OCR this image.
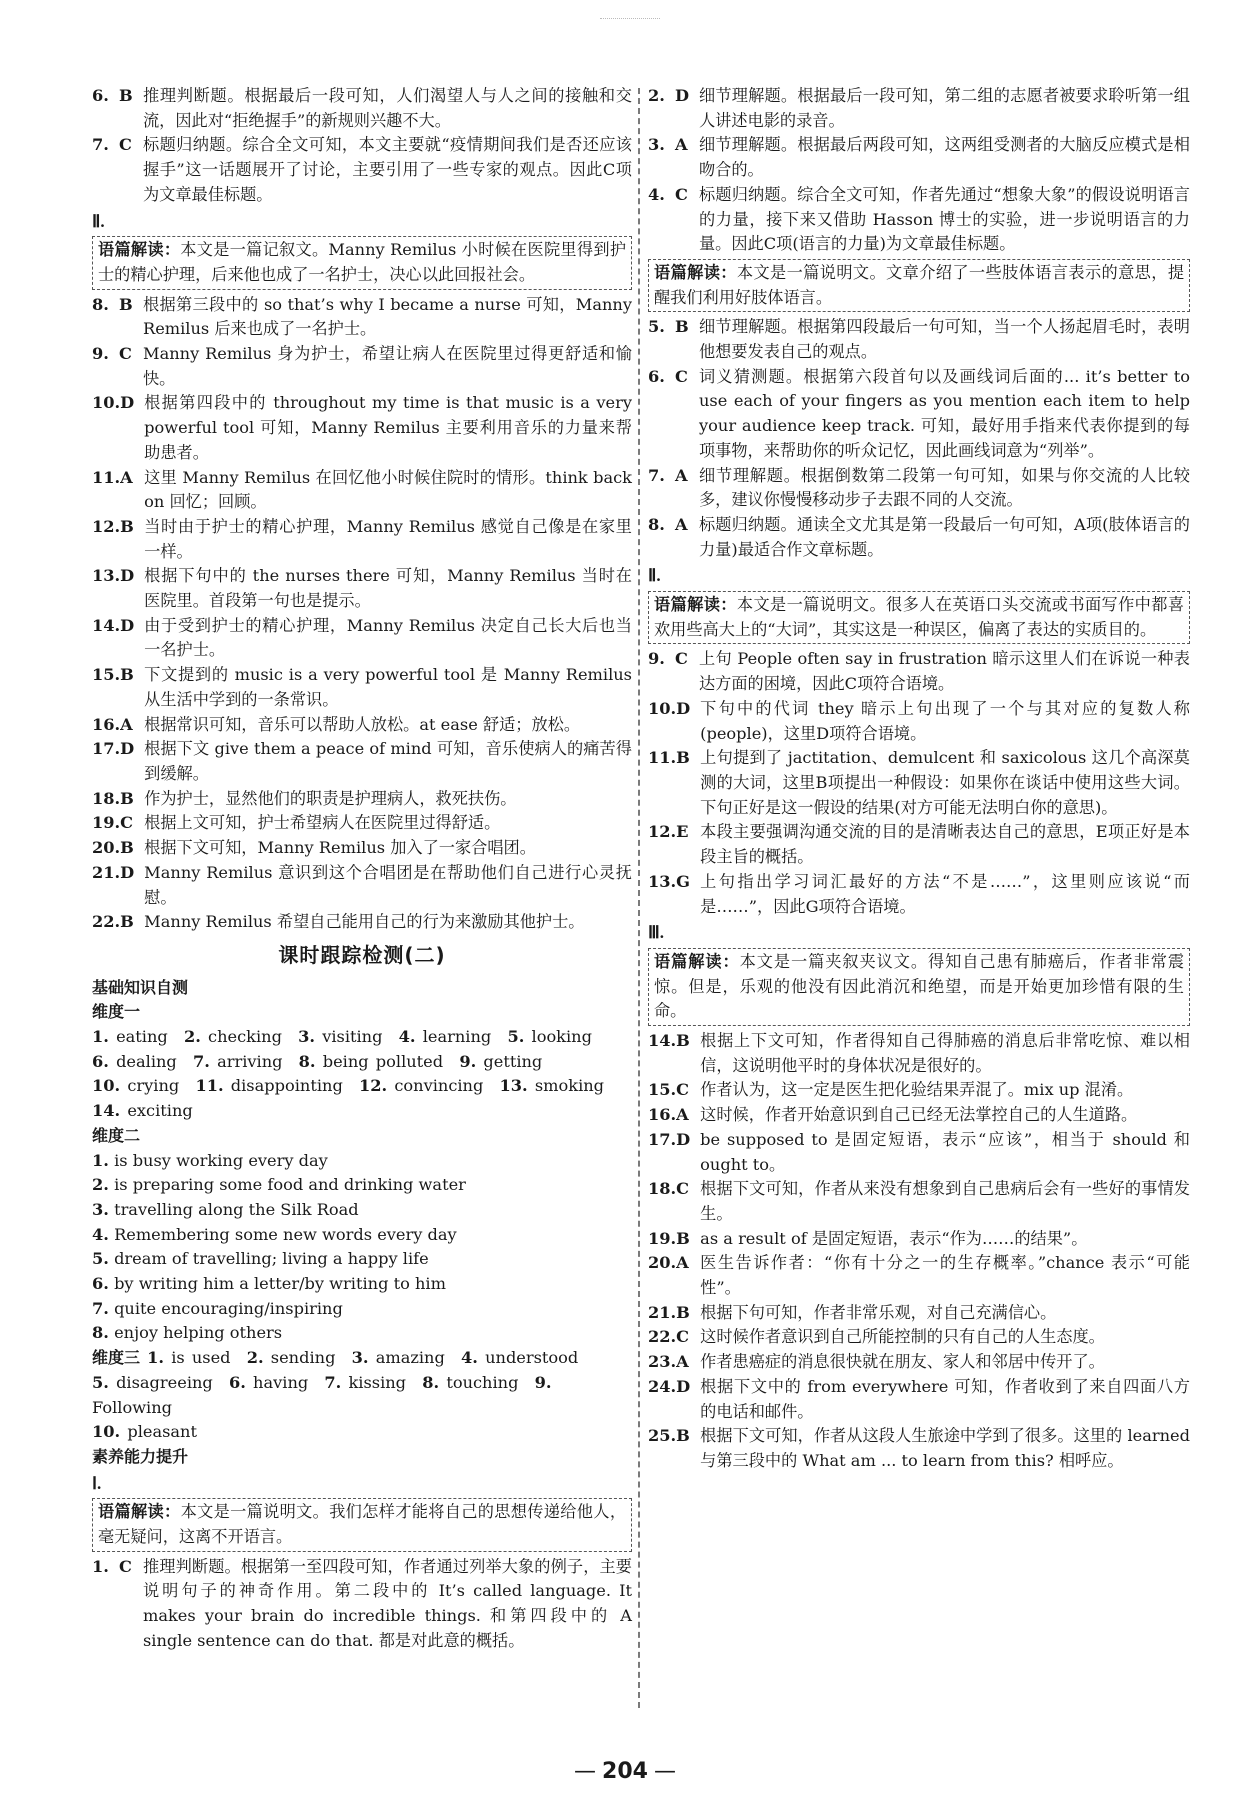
6. B 推理判断题。根据最后一段可知，人们渴望人与人之间的接触和交流，因此对“拒绝握手”的新规则兴趣不大。
7. C 标题归纳题。综合全文可知，本文主要就“疫情期间我们是否还应该握手”这一话题展开了讨论，主要引用了一些专家的观点。因此C项为文章最佳标题。
Ⅱ.
语篇解读：本文是一篇记叙文。Manny Remilus 小时候在医院里得到护士的精心护理，后来他也成了一名护士，决心以此回报社会。
8. B 根据第三段中的 so that’s why I became a nurse 可知，Manny Remilus 后来也成了一名护士。
9. C Manny Remilus 身为护士，希望让病人在医院里过得更舒适和愉快。
10. D 根据第四段中的 throughout my time is that music is a very powerful tool 可知，Manny Remilus 主要利用音乐的力量来帮助患者。
11. A 这里 Manny Remilus 在回忆他小时候住院时的情形。think back on 回忆；回顾。
12. B 当时由于护士的精心护理，Manny Remilus 感觉自己像是在家里一样。
13. D 根据下句中的 the nurses there 可知，Manny Remilus 当时在医院里。首段第一句也是提示。
14. D 由于受到护士的精心护理，Manny Remilus 决定自己长大后也当一名护士。
15. B 下文提到的 music is a very powerful tool 是 Manny Remilus 从生活中学到的一条常识。
16. A 根据常识可知，音乐可以帮助人放松。at ease 舒适；放松。
17. D 根据下文 give them a peace of mind 可知，音乐使病人的痛苦得到缓解。
18. B 作为护士，显然他们的职责是护理病人，救死扶伤。
19. C 根据上文可知，护士希望病人在医院里过得舒适。
20. B 根据下文可知，Manny Remilus 加入了一家合唱团。
21. D Manny Remilus 意识到这个合唱团是在帮助他们自己进行心灵抚慰。
22. B Manny Remilus 希望自己能用自己的行为来激励其他护士。
课时跟踪检测(二)
基础知识自测
维度一
1. eating  2. checking  3. visiting  4. learning  5. looking
6. dealing  7. arriving  8. being polluted  9. getting
10. crying  11. disappointing  12. convincing  13. smoking
14. exciting
维度二
1. is busy working every day
2. is preparing some food and drinking water
3. travelling along the Silk Road
4. Remembering some new words every day
5. dream of travelling; living a happy life
6. by writing him a letter/by writing to him
7. quite encouraging/inspiring
8. enjoy helping others
维度三 1. is used  2. sending  3. amazing  4. understood
5. disagreeing  6. having  7. kissing  8. touching  9. Following
10. pleasant
素养能力提升
Ⅰ.
语篇解读：本文是一篇说明文。我们怎样才能将自己的思想传递给他人，毫无疑问，这离不开语言。
1. C 推理判断题。根据第一至四段可知，作者通过列举大象的例子，主要说明句子的神奇作用。第二段中的 It’s called language. It makes your brain do incredible things. 和第四段中的 A single sentence can do that. 都是对此意的概括。
2. D 细节理解题。根据最后一段可知，第二组的志愿者被要求聆听第一组人讲述电影的录音。
3. A 细节理解题。根据最后两段可知，这两组受测者的大脑反应模式是相吻合的。
4. C 标题归纳题。综合全文可知，作者先通过“想象大象”的假设说明语言的力量，接下来又借助 Hasson 博士的实验，进一步说明语言的力量。因此C项(语言的力量)为文章最佳标题。
语篇解读：本文是一篇说明文。文章介绍了一些肢体语言表示的意思，提醒我们利用好肢体语言。
5. B 细节理解题。根据第四段最后一句可知，当一个人扬起眉毛时，表明他想要发表自己的观点。
6. C 词义猜测题。根据第六段首句以及画线词后面的... it’s better to use each of your fingers as you mention each item to help your audience keep track. 可知，最好用手指来代表你提到的每项事物，来帮助你的听众记忆，因此画线词意为“列举”。
7. A 细节理解题。根据倒数第二段第一句可知，如果与你交流的人比较多，建议你慢慢移动步子去跟不同的人交流。
8. A 标题归纳题。通读全文尤其是第一段最后一句可知，A项(肢体语言的力量)最适合作文章标题。
Ⅱ.
语篇解读：本文是一篇说明文。很多人在英语口头交流或书面写作中都喜欢用些高大上的“大词”，其实这是一种误区，偏离了表达的实质目的。
9. C 上句 People often say in frustration 暗示这里人们在诉说一种表达方面的困境，因此C项符合语境。
10. D 下句中的代词 they 暗示上句出现了一个与其对应的复数人称(people)，这里D项符合语境。
11. B 上句提到了 jactitation、demulcent 和 saxicolous 这几个高深莫测的大词，这里B项提出一种假设：如果你在谈话中使用这些大词。下句正好是这一假设的结果(对方可能无法明白你的意思)。
12. E 本段主要强调沟通交流的目的是清晰表达自己的意思，E项正好是本段主旨的概括。
13. G 上句指出学习词汇最好的方法“不是……”，这里则应该说“而是……”，因此G项符合语境。
Ⅲ.
语篇解读：本文是一篇夹叙夹议文。得知自己患有肺癌后，作者非常震惊。但是，乐观的他没有因此消沉和绝望，而是开始更加珍惜有限的生命。
14. B 根据上下文可知，作者得知自己得肺癌的消息后非常吃惊、难以相信，这说明他平时的身体状况是很好的。
15. C 作者认为，这一定是医生把化验结果弄混了。mix up 混淆。
16. A 这时候，作者开始意识到自己已经无法掌控自己的人生道路。
17. D be supposed to 是固定短语，表示“应该”，相当于 should 和 ought to。
18. C 根据下文可知，作者从来没有想象到自己患病后会有一些好的事情发生。
19. B as a result of 是固定短语，表示“作为……的结果”。
20. A 医生告诉作者：“你有十分之一的生存概率。”chance 表示“可能性”。
21. B 根据下句可知，作者非常乐观，对自己充满信心。
22. C 这时候作者意识到自己所能控制的只有自己的人生态度。
23. A 作者患癌症的消息很快就在朋友、家人和邻居中传开了。
24. D 根据下文中的 from everywhere 可知，作者收到了来自四面八方的电话和邮件。
25. B 根据下文可知，作者从这段人生旅途中学到了很多。这里的 learned 与第三段中的 What am ... to learn from this? 相呼应。
— 204 —
